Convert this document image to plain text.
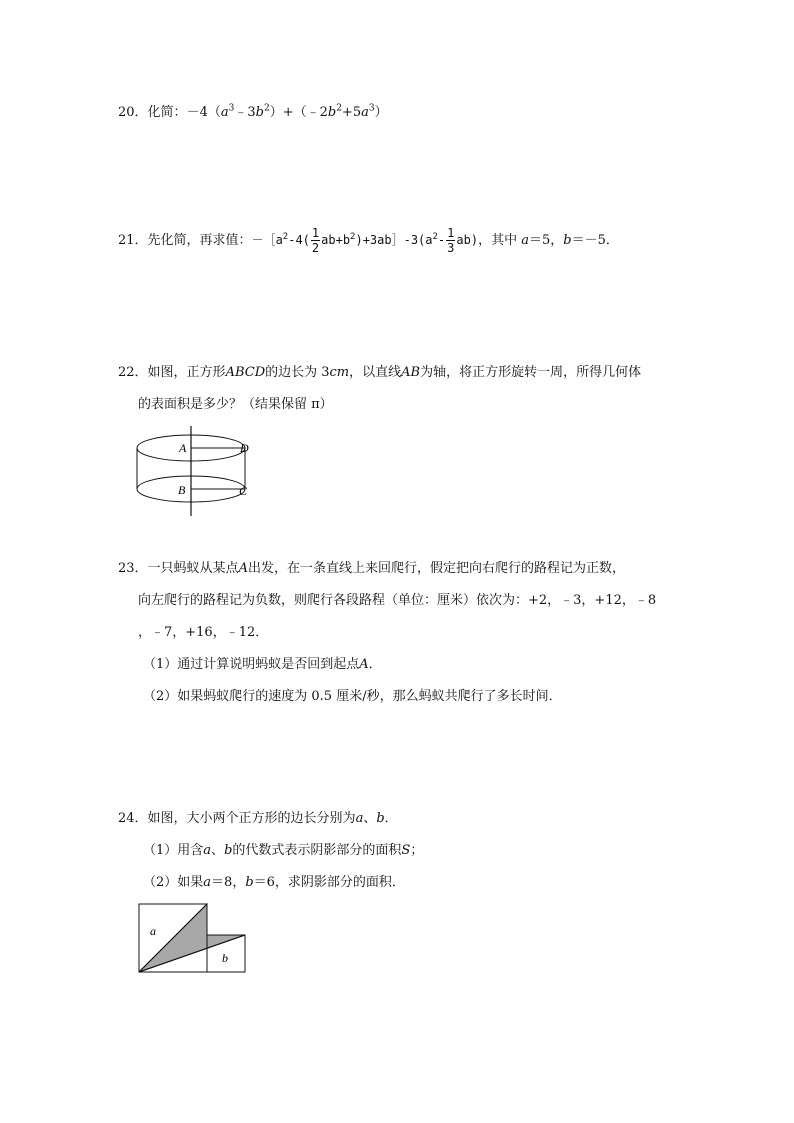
20．化简：$-4(a^3﹣3b^2)+(﹣2b^2+5a^3)$
21．先化简，再求值：$-[a^2-4( \frac{1}{2}$ $ab+b^2)+3ab]-3(a^2- \frac{1}{3} ab)$，其中 a＝5，b＝－5．
22．如图，正方形ABCD的边长为 3cm，以直线AB为轴，将正方形旋转一周，所得几何体
的表面积是多少？（结果保留 π）
A	D
B	C
23．一只蚂蚁从某点A出发，在一条直线上来回爬行，假定把向右爬行的路程记为正数，
向左爬行的路程记为负数，则爬行各段路程（单位：厘米）依次为：+2，﹣3，+12，﹣8
，﹣7，+16，﹣12．
（1）通过计算说明蚂蚁是否回到起点A．
（2）如果蚂蚁爬行的速度为 0.5 厘米/秒，那么蚂蚁共爬行了多长时间．
24．如图，大小两个正方形的边长分别为a、b．
（1）用含a、b的代数式表示阴影部分的面积S；
（2）如果a＝8，b＝6，求阴影部分的面积．
a
b
